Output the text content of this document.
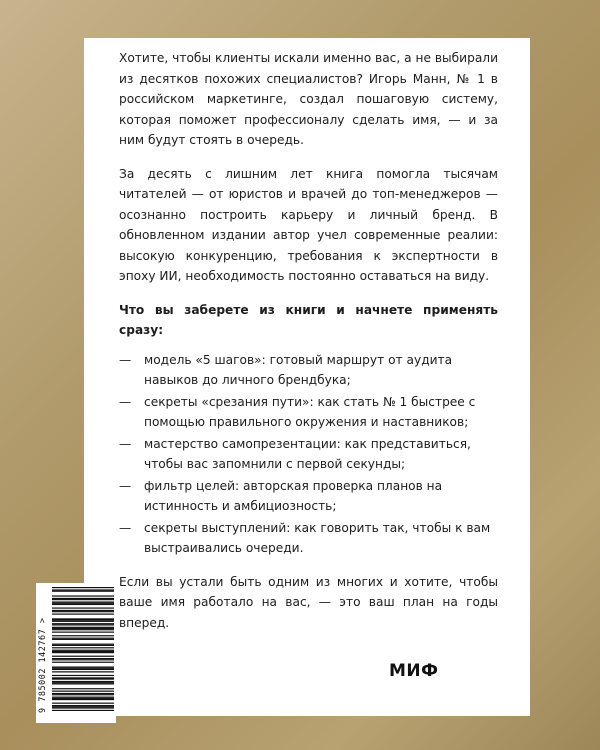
Хотите, чтобы клиенты искали именно вас, а не выбирали из десятков похожих специалистов? Игорь Манн, № 1 в российском маркетинге, создал пошаговую систему, которая поможет профессионалу сделать имя, — и за ним будут стоять в очередь.

За десять с лишним лет книга помогла тысячам читателей — от юристов и врачей до топ-менеджеров — осознанно построить карьеру и личный бренд. В обновленном издании автор учел современные реалии: высокую конкуренцию, требования к экспертности в эпоху ИИ, необходимость постоянно оставаться на виду.

Что вы заберете из книги и начнете применять сразу:

— модель «5 шагов»: готовый маршрут от аудита навыков до личного брендбука;
— секреты «срезания пути»: как стать № 1 быстрее с помощью правильного окружения и наставников;
— мастерство самопрезентации: как представиться, чтобы вас запомнили с первой секунды;
— фильтр целей: авторская проверка планов на истинность и амбициозность;
— секреты выступлений: как говорить так, чтобы к вам выстраивались очереди.

Если вы устали быть одним из многих и хотите, чтобы ваше имя работало на вас, — это ваш план на годы вперед.

9 785002 142767 >	МИФ
